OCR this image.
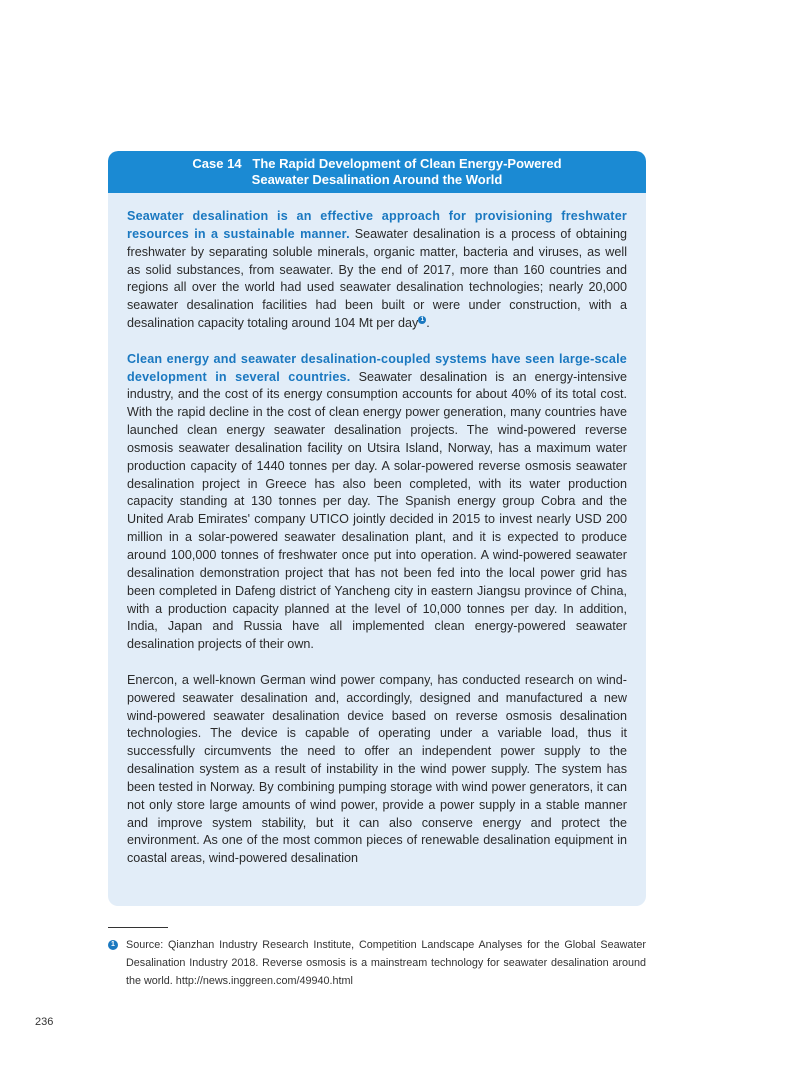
Case 14   The Rapid Development of Clean Energy-Powered
Seawater Desalination Around the World

Seawater desalination is an effective approach for provisioning freshwater resources in a sustainable manner. Seawater desalination is a process of obtaining freshwater by separating soluble minerals, organic matter, bacteria and viruses, as well as solid substances, from seawater. By the end of 2017, more than 160 countries and regions all over the world had used seawater desalination technologies; nearly 20,000 seawater desalination facilities had been built or were under construction, with a desalination capacity totaling around 104 Mt per day $^1$ .

Clean energy and seawater desalination-coupled systems have seen large-scale development in several countries. Seawater desalination is an energy-intensive industry, and the cost of its energy consumption accounts for about 40% of its total cost. With the rapid decline in the cost of clean energy power generation, many countries have launched clean energy seawater desalination projects. The wind-powered reverse osmosis seawater desalination facility on Utsira Island, Norway, has a maximum water production capacity of 1440 tonnes per day. A solar-powered reverse osmosis seawater desalination project in Greece has also been completed, with its water production capacity standing at 130 tonnes per day. The Spanish energy group Cobra and the United Arab Emirates' company UTICO jointly decided in 2015 to invest nearly USD 200 million in a solar-powered seawater desalination plant, and it is expected to produce around 100,000 tonnes of freshwater once put into operation. A wind-powered seawater desalination demonstration project that has not been fed into the local power grid has been completed in Dafeng district of Yancheng city in eastern Jiangsu province of China, with a production capacity planned at the level of 10,000 tonnes per day. In addition, India, Japan and Russia have all implemented clean energy-powered seawater desalination projects of their own.

Enercon, a well-known German wind power company, has conducted research on wind-powered seawater desalination and, accordingly, designed and manufactured a new wind-powered seawater desalination device based on reverse osmosis desalination technologies. The device is capable of operating under a variable load, thus it successfully circumvents the need to offer an independent power supply to the desalination system as a result of instability in the wind power supply. The system has been tested in Norway. By combining pumping storage with wind power generators, it can not only store large amounts of wind power, provide a power supply in a stable manner and improve system stability, but it can also conserve energy and protect the environment. As one of the most common pieces of renewable desalination equipment in coastal areas, wind-powered desalination

1 Source: Qianzhan Industry Research Institute, Competition Landscape Analyses for the Global Seawater Desalination Industry 2018. Reverse osmosis is a mainstream technology for seawater desalination around the world. http://news.inggreen.com/49940.html
236
